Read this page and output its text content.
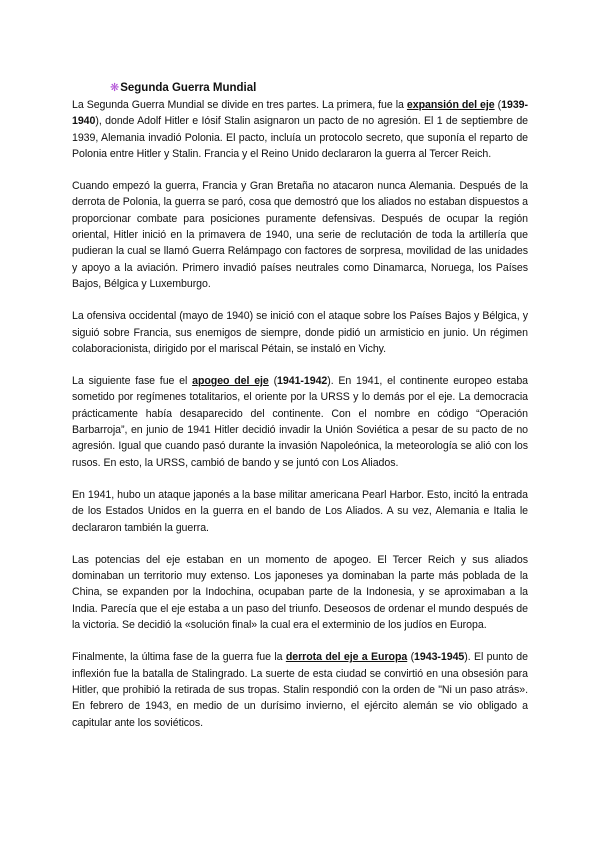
❋Segunda Guerra Mundial

La Segunda Guerra Mundial se divide en tres partes. La primera, fue la expansión del eje (1939-1940), donde Adolf Hitler e Iósif Stalin asignaron un pacto de no agresión. El 1 de septiembre de 1939, Alemania invadió Polonia. El pacto, incluía un protocolo secreto, que suponía el reparto de Polonia entre Hitler y Stalin. Francia y el Reino Unido declararon la guerra al Tercer Reich.

Cuando empezó la guerra, Francia y Gran Bretaña no atacaron nunca Alemania. Después de la derrota de Polonia, la guerra se paró, cosa que demostró que los aliados no estaban dispuestos a proporcionar combate para posiciones puramente defensivas. Después de ocupar la región oriental, Hitler inició en la primavera de 1940, una serie de reclutación de toda la artillería que pudieran la cual se llamó Guerra Relámpago con factores de sorpresa, movilidad de las unidades y apoyo a la aviación. Primero invadió países neutrales como Dinamarca, Noruega, los Países Bajos, Bélgica y Luxemburgo.

La ofensiva occidental (mayo de 1940) se inició con el ataque sobre los Países Bajos y Bélgica, y siguió sobre Francia, sus enemigos de siempre, donde pidió un armisticio en junio. Un régimen colaboracionista, dirigido por el mariscal Pétain, se instaló en Vichy.

La siguiente fase fue el apogeo del eje (1941-1942). En 1941, el continente europeo estaba sometido por regímenes totalitarios, el oriente por la URSS y lo demás por el eje. La democracia prácticamente había desaparecido del continente. Con el nombre en código “Operación Barbarroja”, en junio de 1941 Hitler decidió invadir la Unión Soviética a pesar de su pacto de no agresión. Igual que cuando pasó durante la invasión Napoleónica, la meteorología se alió con los rusos. En esto, la URSS, cambió de bando y se juntó con Los Aliados.

En 1941, hubo un ataque japonés a la base militar americana Pearl Harbor. Esto, incitó la entrada de los Estados Unidos en la guerra en el bando de Los Aliados. A su vez, Alemania e Italia le declararon también la guerra.

Las potencias del eje estaban en un momento de apogeo. El Tercer Reich y sus aliados dominaban un territorio muy extenso. Los japoneses ya dominaban la parte más poblada de la China, se expanden por la Indochina, ocupaban parte de la Indonesia, y se aproximaban a la India. Parecía que el eje estaba a un paso del triunfo. Deseosos de ordenar el mundo después de la victoria. Se decidió la «solución final» la cual era el exterminio de los judíos en Europa.

Finalmente, la última fase de la guerra fue la derrota del eje a Europa (1943-1945). El punto de inflexión fue la batalla de Stalingrado. La suerte de esta ciudad se convirtió en una obsesión para Hitler, que prohibió la retirada de sus tropas. Stalin respondió con la orden de "Ni un paso atrás». En febrero de 1943, en medio de un durísimo invierno, el ejército alemán se vio obligado a capitular ante los soviéticos.
